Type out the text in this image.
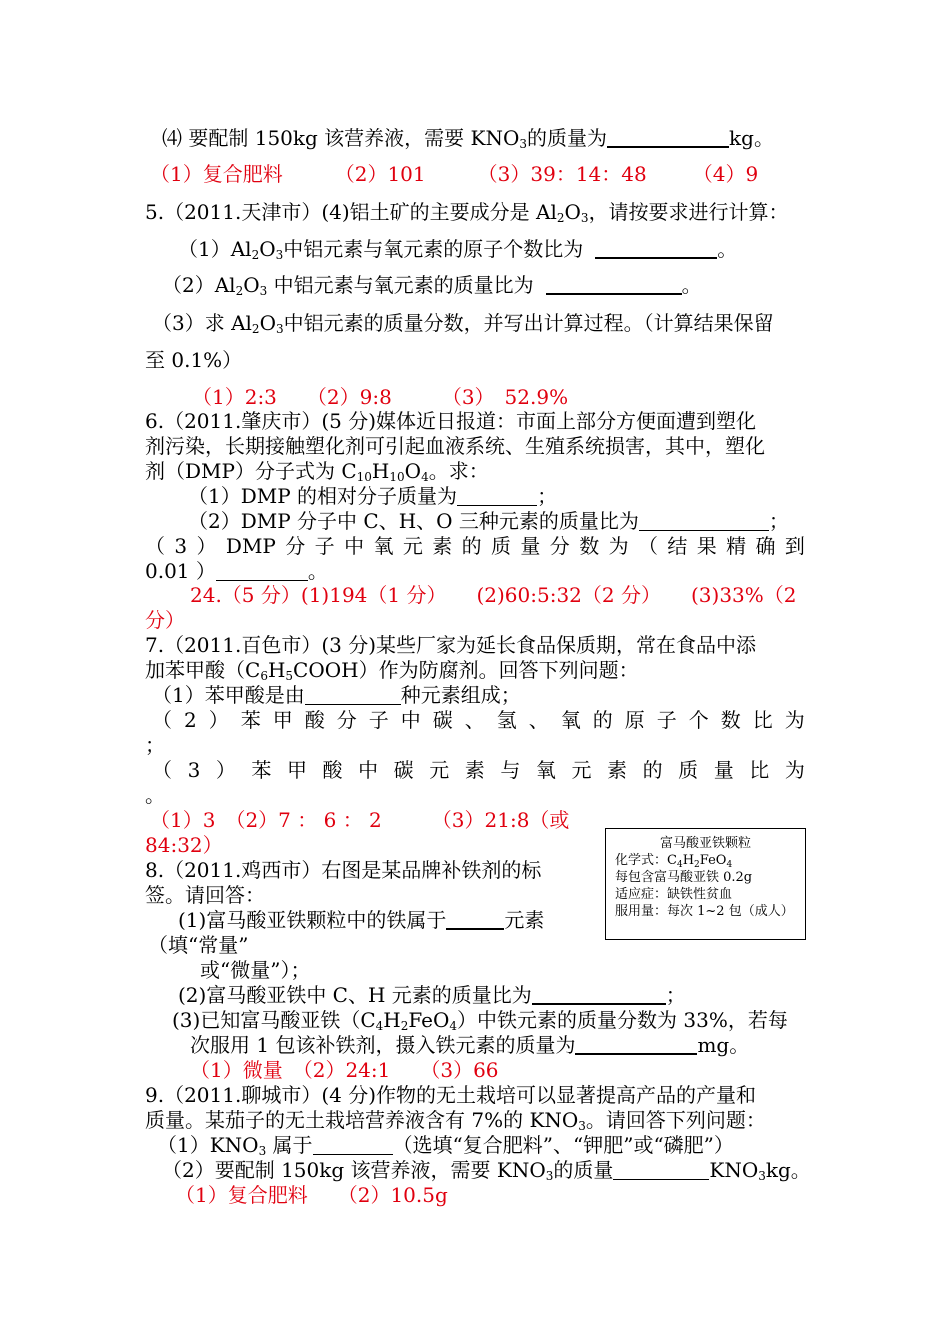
⑷ 要配制 150kg 该营养液，需要 $KNO_3$的质量为	kg。
（1）复合肥料	（2）101	（3）39：14：48 （4）9
5.（2011.天津市）(4)铝土矿的主要成分是 $Al_2O_3$，请按要求进行计算：
$(1)Al_2O_3$中铝元素与氧元素的原子个数比为	。
$(2)Al_2O_3$ 中铝元素与氧元素的质量比为	。
（3）求 $Al_2O_3$中铝元素的质量分数，并写出计算过程。（计算结果保留
至 0.1%）
（1）2:3　　（2）9:8　　　（3）　52.9%
6.（2011.肇庆市）(5 分)媒体近日报道：市面上部分方便面遭到塑化
剂污染，长期接触塑化剂可引起血液系统、生殖系统损害，其中，塑化
剂（DMP）分子式为 $C_{10}H_{10}O_4$。求：
（1）DMP 的相对分子质量为	；
（2）DMP 分子中 C、H、O 三种元素的质量比为	；
（ 3 ） DMP 分 子 中 氧 元 素 的 质 量 分 数 为 （ 结 果 精 确 到
0.01 ）	。
24.（5 分）(1)194（1 分）　　(2)60:5:32（2 分）　　(3)33%（2
分）
7.（2011.百色市）(3 分)某些厂家为延长食品保质期，常在食品中添
加苯甲酸$(C_6H_5COOH)$作为防腐剂。回答下列问题：
（1）苯甲酸是由	种元素组成；
（ 2 ） 苯 甲 酸 分 子 中 碳 、 氢 、 氧 的 原 子 个 数 比 为
；
（ 3 ） 苯 甲 酸 中 碳 元 素 与 氧 元 素 的 质 量 比 为
。
（1）3　（2）7 ： 6 ： 2　　　（3）21:8（或
84:32）
8.（2011.鸡西市）右图是某品牌补铁剂的标
签。请回答：
(1)富马酸亚铁颗粒中的铁属于	元素
（填“常量”
或“微量”）；
(2)富马酸亚铁中 C、H 元素的质量比为	；
(3)已知富马酸亚铁$(C_4H_2FeO_4)$中铁元素的质量分数为 33%，若每
次服用 1 包该补铁剂，摄入铁元素的质量为	mg。
（1）微量　（2）24:1　　（3）66
富马酸亚铁颗粒
化学式：$C_4H_2FeO_4$
每包含富马酸亚铁 0.2g
适应症：缺铁性贫血
服用量：每次 1~2 包（成人）
9.（2011.聊城市）(4 分)作物的无土栽培可以显著提高产品的产量和
质量。某茄子的无土栽培营养液含有 7%的 $KNO_3$。请回答下列问题：
$(1)KNO_3$ 属于	（选填“复合肥料”、“钾肥”或“磷肥”）
（2）要配制 150kg 该营养液，需要 $KNO_3$的质量	$KNO_3kg$。
（1）复合肥料　　（2）10.5g
